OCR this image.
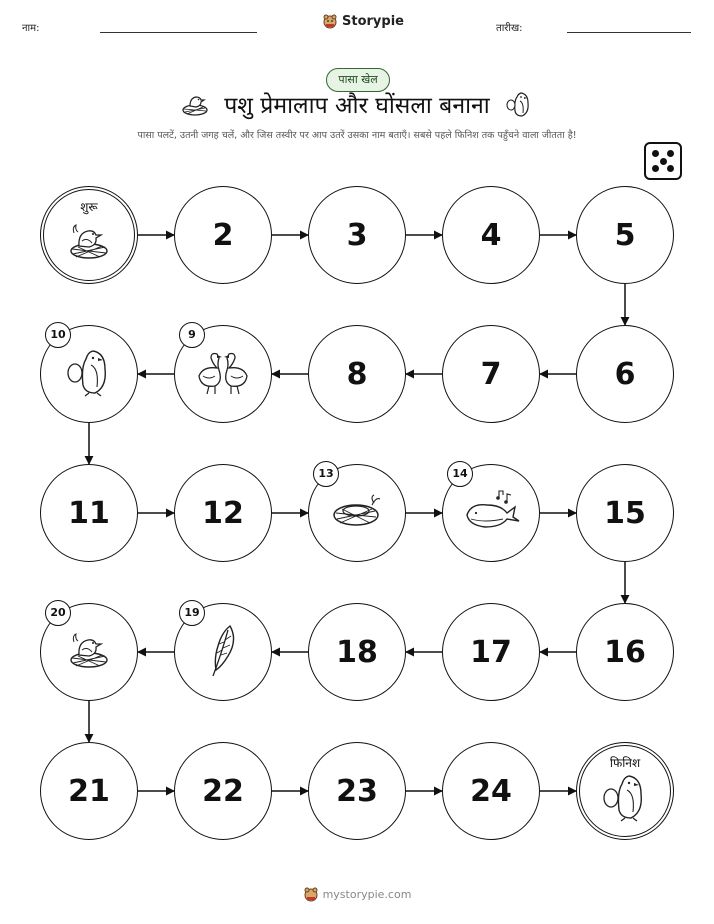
नाम:	Storypie	तारीख:
पासा खेल
पशु प्रेमालाप और घोंसला बनाना
पासा पलटें, उतनी जगह चलें, और जिस तस्वीर पर आप उतरें उसका नाम बताएँ। सबसे पहले फिनिश तक पहुँचने वाला जीतता है!
शुरू
2	3	4	5
6
7
8
9
10
11	12
13	14
15
16
17
18
19
20
21	22	23	24
फिनिश
mystorypie.com
